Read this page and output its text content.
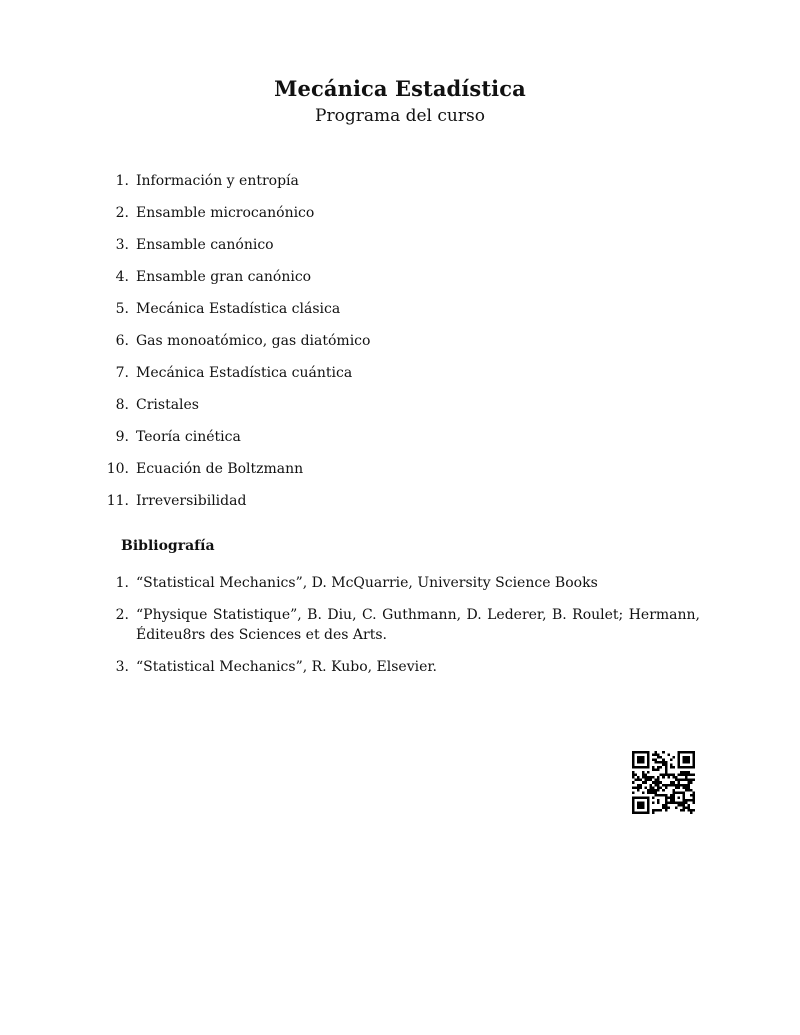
Mecánica Estadística
Programa del curso
1. Información y entropía
2. Ensamble microcanónico
3. Ensamble canónico
4. Ensamble gran canónico
5. Mecánica Estadística clásica
6. Gas monoatómico, gas diatómico
7. Mecánica Estadística cuántica
8. Cristales
9. Teoría cinética
10. Ecuación de Boltzmann
11. Irreversibilidad
Bibliografía
1. “Statistical Mechanics”, D. McQuarrie, University Science Books
2. “Physique Statistique”, B. Diu, C. Guthmann, D. Lederer, B. Roulet; Hermann, Éditeu8rs des Sciences et des Arts.
3. “Statistical Mechanics”, R. Kubo, Elsevier.
